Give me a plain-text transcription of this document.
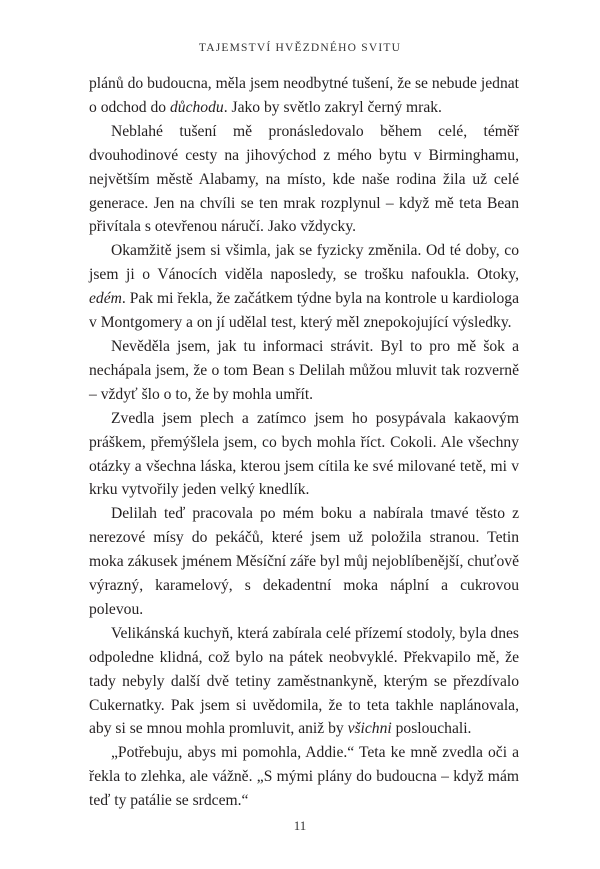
TAJEMSTVÍ HVĚZDNÉHO SVITU

plánů do budoucna, měla jsem neodbytné tušení, že se nebude jednat o odchod do důchodu. Jako by světlo zakryl černý mrak.

Neblahé tušení mě pronásledovalo během celé, téměř dvouhodinové cesty na jihovýchod z mého bytu v Birminghamu, největším městě Alabamy, na místo, kde naše rodina žila už celé generace. Jen na chvíli se ten mrak rozplynul – když mě teta Bean přivítala s otevřenou náručí. Jako vždycky.

Okamžitě jsem si všimla, jak se fyzicky změnila. Od té doby, co jsem ji o Vánocích viděla naposledy, se trošku nafoukla. Otoky, edém. Pak mi řekla, že začátkem týdne byla na kontrole u kardiologa v Montgomery a on jí udělal test, který měl znepokojující výsledky.

Nevěděla jsem, jak tu informaci strávit. Byl to pro mě šok a nechápala jsem, že o tom Bean s Delilah můžou mluvit tak rozverně – vždyť šlo o to, že by mohla umřít.

Zvedla jsem plech a zatímco jsem ho posypávala kakaovým práškem, přemýšlela jsem, co bych mohla říct. Cokoli. Ale všechny otázky a všechna láska, kterou jsem cítila ke své milované tetě, mi v krku vytvořily jeden velký knedlík.

Delilah teď pracovala po mém boku a nabírala tmavé těsto z nerezové mísy do pekáčů, které jsem už položila stranou. Tetin moka zákusek jménem Měsíční záře byl můj nejoblíbenější, chuťově výrazný, karamelový, s dekadentní moka náplní a cukrovou polevou.

Velikánská kuchyň, která zabírala celé přízemí stodoly, byla dnes odpoledne klidná, což bylo na pátek neobvyklé. Překvapilo mě, že tady nebyly další dvě tetiny zaměstnankyně, kterým se přezdívalo Cukernatky. Pak jsem si uvědomila, že to teta takhle naplánovala, aby si se mnou mohla promluvit, aniž by všichni poslouchali.

„Potřebuju, abys mi pomohla, Addie.“ Teta ke mně zvedla oči a řekla to zlehka, ale vážně. „S mými plány do budoucna – když mám teď ty patálie se srdcem.“

11
